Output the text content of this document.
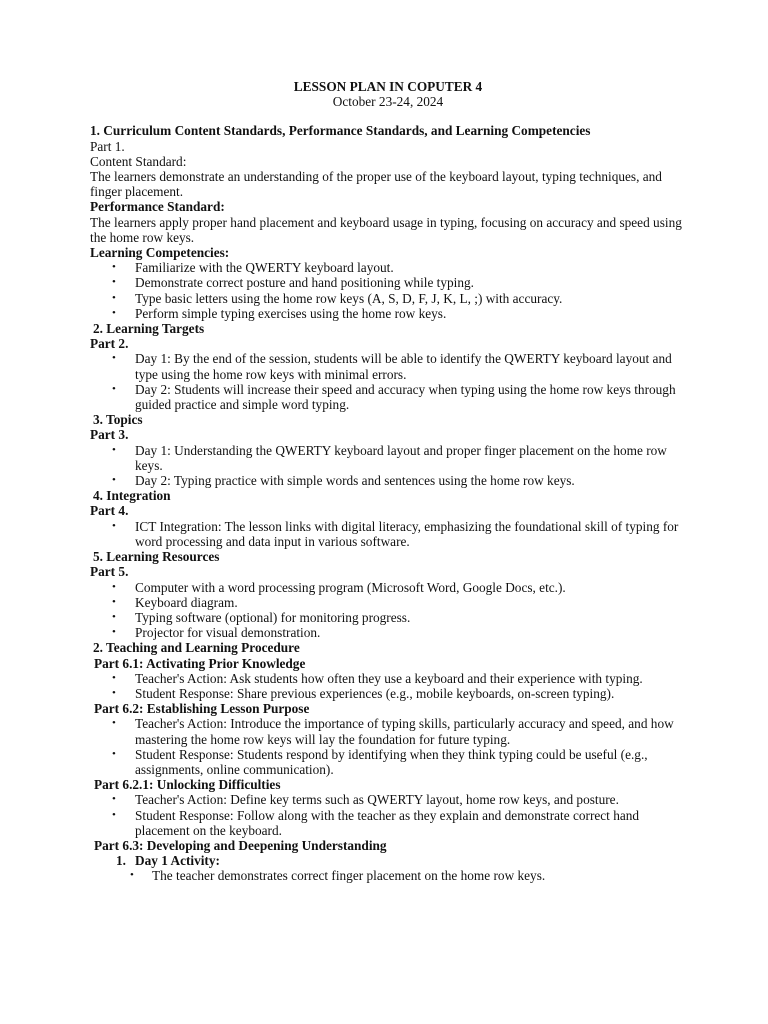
LESSON PLAN IN COPUTER 4

October 23-24, 2024

1. Curriculum Content Standards, Performance Standards, and Learning Competencies

Part 1.

Content Standard:

The learners demonstrate an understanding of the proper use of the keyboard layout, typing techniques, and finger placement.

Performance Standard:

The learners apply proper hand placement and keyboard usage in typing, focusing on accuracy and speed using the home row keys.

Learning Competencies:

• Familiarize with the QWERTY keyboard layout.
• Demonstrate correct posture and hand positioning while typing.
• Type basic letters using the home row keys (A, S, D, F, J, K, L, ;) with accuracy.
• Perform simple typing exercises using the home row keys.

2. Learning Targets

Part 2.

• Day 1: By the end of the session, students will be able to identify the QWERTY keyboard layout and type using the home row keys with minimal errors.
• Day 2: Students will increase their speed and accuracy when typing using the home row keys through guided practice and simple word typing.

3. Topics

Part 3.

• Day 1: Understanding the QWERTY keyboard layout and proper finger placement on the home row keys.
• Day 2: Typing practice with simple words and sentences using the home row keys.

4. Integration

Part 4.

• ICT Integration: The lesson links with digital literacy, emphasizing the foundational skill of typing for word processing and data input in various software.

5. Learning Resources

Part 5.

• Computer with a word processing program (Microsoft Word, Google Docs, etc.).
• Keyboard diagram.
• Typing software (optional) for monitoring progress.
• Projector for visual demonstration.

2. Teaching and Learning Procedure

Part 6.1: Activating Prior Knowledge

• Teacher's Action: Ask students how often they use a keyboard and their experience with typing.
• Student Response: Share previous experiences (e.g., mobile keyboards, on-screen typing).

Part 6.2: Establishing Lesson Purpose

• Teacher's Action: Introduce the importance of typing skills, particularly accuracy and speed, and how mastering the home row keys will lay the foundation for future typing.
• Student Response: Students respond by identifying when they think typing could be useful (e.g., assignments, online communication).

Part 6.2.1: Unlocking Difficulties

• Teacher's Action: Define key terms such as QWERTY layout, home row keys, and posture.
• Student Response: Follow along with the teacher as they explain and demonstrate correct hand placement on the keyboard.

Part 6.3: Developing and Deepening Understanding

1. Day 1 Activity:
• The teacher demonstrates correct finger placement on the home row keys.
